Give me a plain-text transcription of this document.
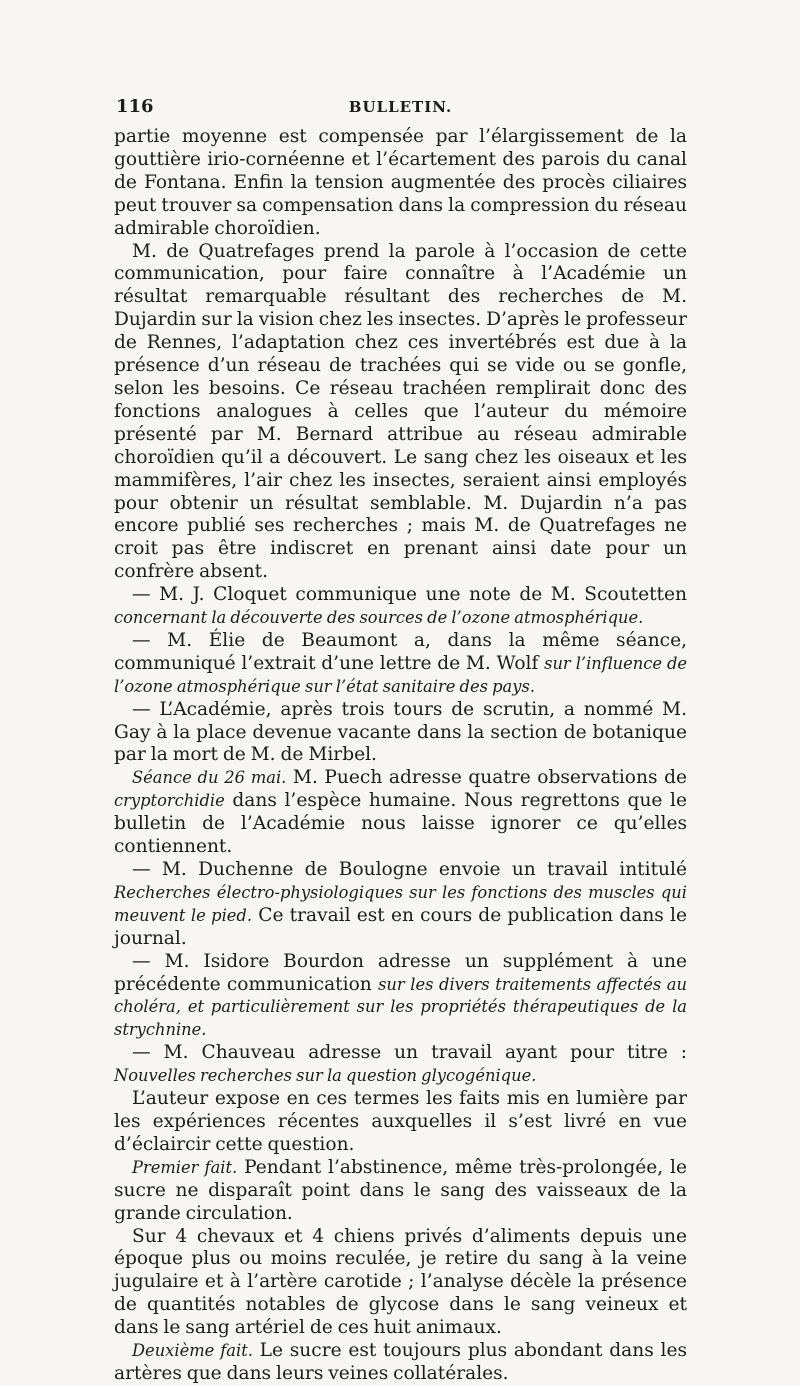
116	BULLETIN.

partie moyenne est compensée par l’élargissement de la gouttière irio-cornéenne et l’écartement des parois du canal de Fontana. Enfin la tension augmentée des procès ciliaires peut trouver sa compensation dans la compression du réseau admirable choroïdien.

M. de Quatrefages prend la parole à l’occasion de cette communication, pour faire connaître à l’Académie un résultat remarquable résultant des recherches de M. Dujardin sur la vision chez les insectes. D’après le professeur de Rennes, l’adaptation chez ces invertébrés est due à la présence d’un réseau de trachées qui se vide ou se gonfle, selon les besoins. Ce réseau trachéen remplirait donc des fonctions analogues à celles que l’auteur du mémoire présenté par M. Bernard attribue au réseau admirable choroïdien qu’il a découvert. Le sang chez les oiseaux et les mammifères, l’air chez les insectes, seraient ainsi employés pour obtenir un résultat semblable. M. Dujardin n’a pas encore publié ses recherches ; mais M. de Quatrefages ne croit pas être indiscret en prenant ainsi date pour un confrère absent.

— M. J. Cloquet communique une note de M. Scoutetten concernant la découverte des sources de l’ozone atmosphérique.

— M. Élie de Beaumont a, dans la même séance, communiqué l’extrait d’une lettre de M. Wolf sur l’influence de l’ozone atmosphérique sur l’état sanitaire des pays.

— L’Académie, après trois tours de scrutin, a nommé M. Gay à la place devenue vacante dans la section de botanique par la mort de M. de Mirbel.

Séance du 26 mai. M. Puech adresse quatre observations de cryptorchidie dans l’espèce humaine. Nous regrettons que le bulletin de l’Académie nous laisse ignorer ce qu’elles contiennent.

— M. Duchenne de Boulogne envoie un travail intitulé Recherches électro-physiologiques sur les fonctions des muscles qui meuvent le pied. Ce travail est en cours de publication dans le journal.

— M. Isidore Bourdon adresse un supplément à une précédente communication sur les divers traitements affectés au choléra, et particulièrement sur les propriétés thérapeutiques de la strychnine.

— M. Chauveau adresse un travail ayant pour titre : Nouvelles recherches sur la question glycogénique.

L’auteur expose en ces termes les faits mis en lumière par les expériences récentes auxquelles il s’est livré en vue d’éclaircir cette question.

Premier fait. Pendant l’abstinence, même très-prolongée, le sucre ne disparaît point dans le sang des vaisseaux de la grande circulation.

Sur 4 chevaux et 4 chiens privés d’aliments depuis une époque plus ou moins reculée, je retire du sang à la veine jugulaire et à l’artère carotide ; l’analyse décèle la présence de quantités notables de glycose dans le sang veineux et dans le sang artériel de ces huit animaux.

Deuxième fait. Le sucre est toujours plus abondant dans les artères que dans leurs veines collatérales.
